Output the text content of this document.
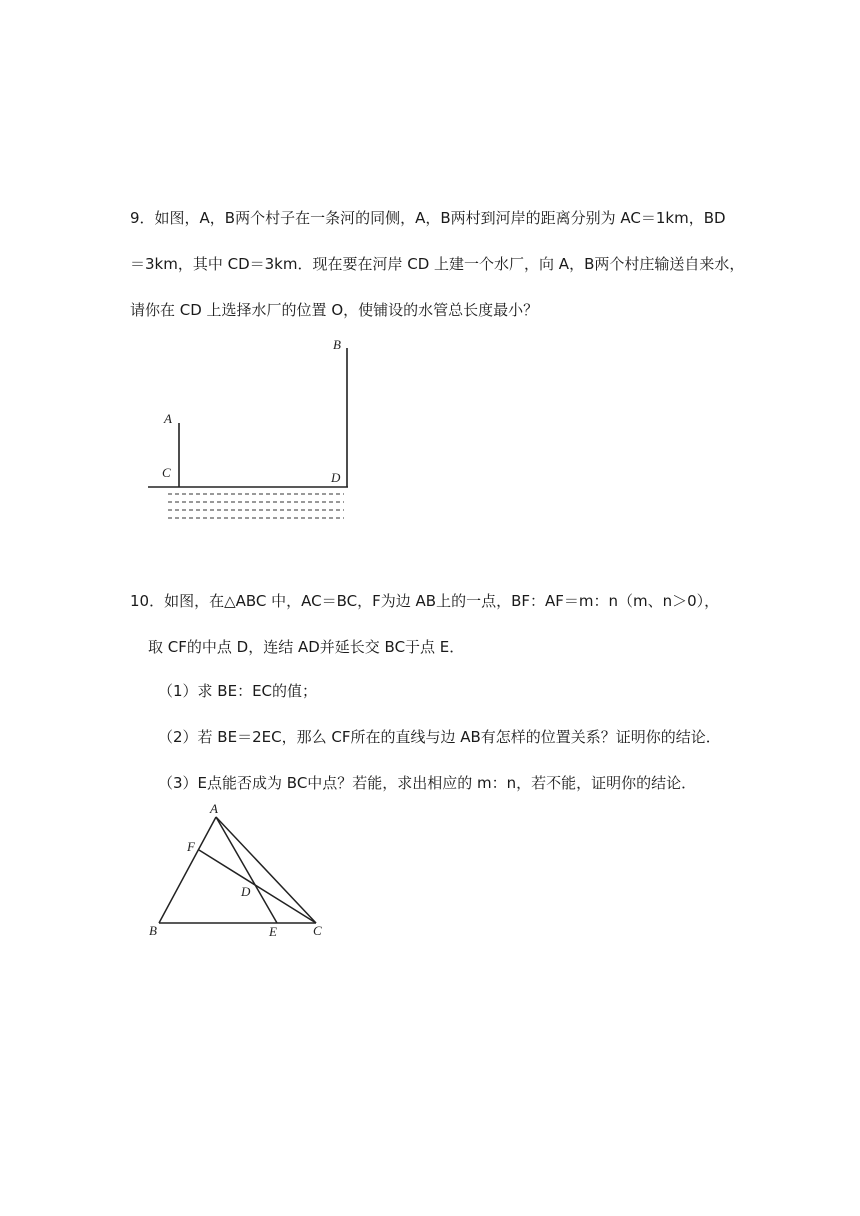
9．如图，A，B两个村子在一条河的同侧，A，B两村到河岸的距离分别为 AC＝1km，BD
＝3km，其中 CD＝3km．现在要在河岸 CD 上建一个水厂，向 A，B两个村庄输送自来水，
请你在 CD 上选择水厂的位置 O，使铺设的水管总长度最小？
B
A
C	D
10．如图，在△ABC 中，AC＝BC，F为边 AB上的一点，BF：AF＝m：n（m、n＞0），
取 CF的中点 D，连结 AD并延长交 BC于点 E．
（1）求 BE：EC的值；
（2）若 BE＝2EC，那么 CF所在的直线与边 AB有怎样的位置关系？证明你的结论．
（3）E点能否成为 BC中点？若能，求出相应的 m：n，若不能，证明你的结论．
A
F
D
B	E	C
